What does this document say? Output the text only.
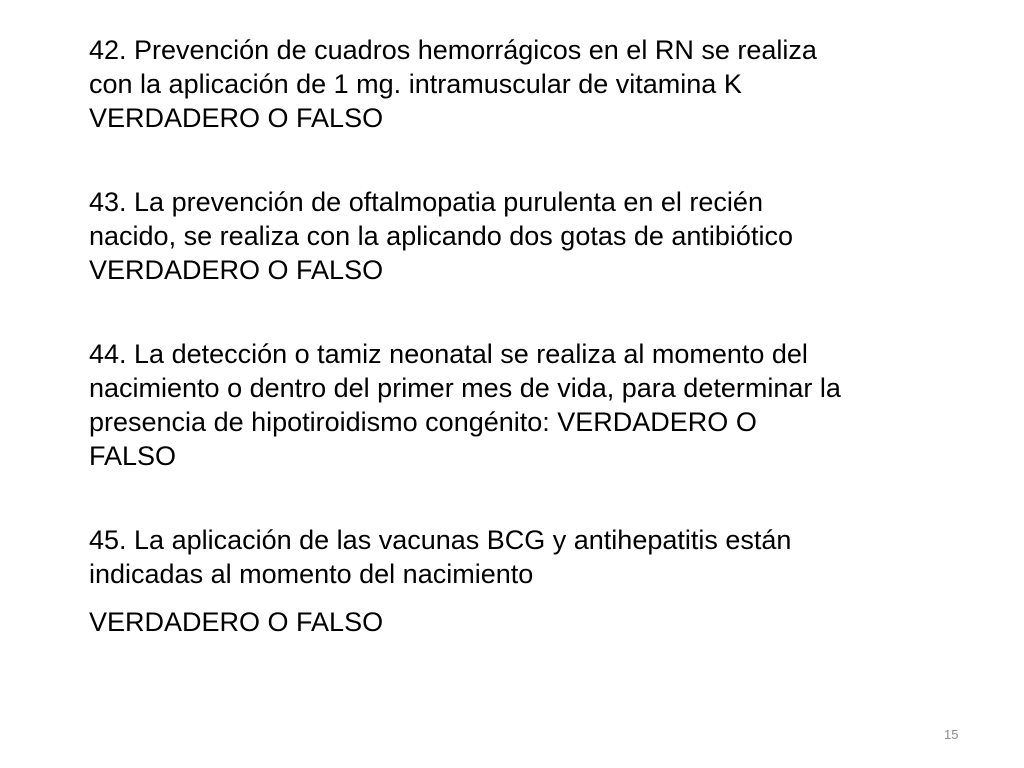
42. Prevención de cuadros hemorrágicos en el RN se realiza
con la aplicación de 1 mg. intramuscular de vitamina K
VERDADERO O FALSO

43. La prevención de oftalmopatia purulenta en el recién
nacido, se realiza con la aplicando dos gotas de antibiótico
VERDADERO O FALSO

44. La detección o tamiz neonatal se realiza al momento del
nacimiento o dentro del primer mes de vida, para determinar la
presencia de hipotiroidismo congénito: VERDADERO O
FALSO

45. La aplicación de las vacunas BCG y antihepatitis están
indicadas al momento del nacimiento
VERDADERO O FALSO

15
